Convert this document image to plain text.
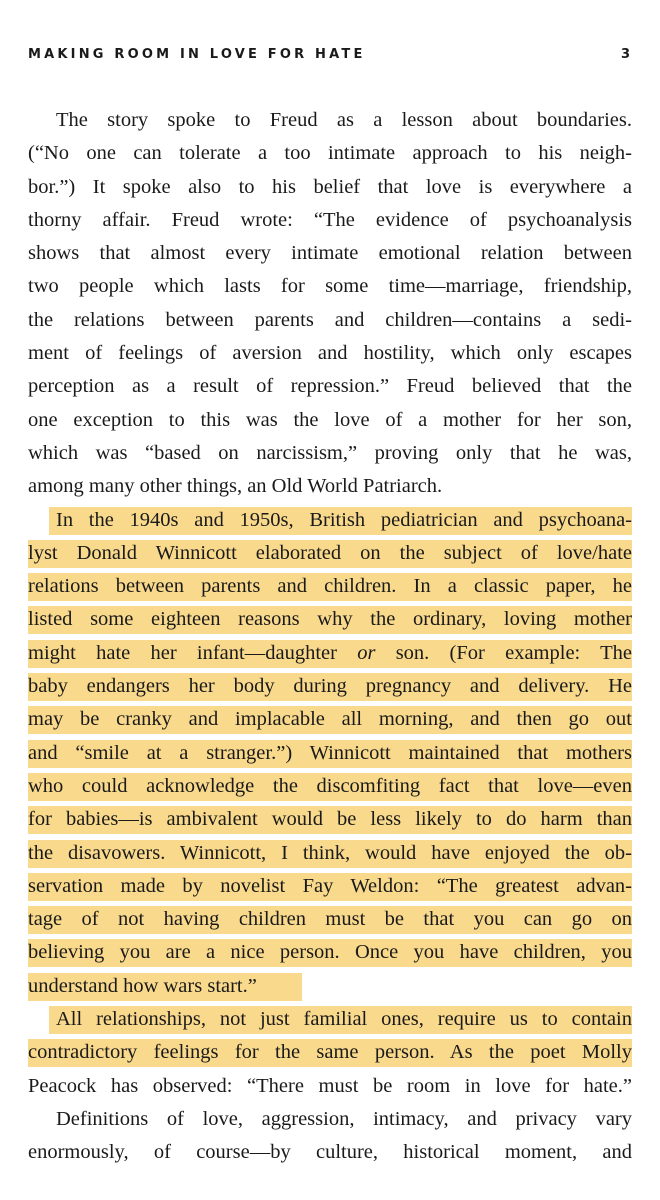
MAKING ROOM IN LOVE FOR HATE	3
The story spoke to Freud as a lesson about boundaries.
(“No one can tolerate a too intimate approach to his neigh-
bor.”) It spoke also to his belief that love is everywhere a
thorny affair. Freud wrote: “The evidence of psychoanalysis
shows that almost every intimate emotional relation between
two people which lasts for some time—marriage, friendship,
the relations between parents and children—contains a sedi-
ment of feelings of aversion and hostility, which only escapes
perception as a result of repression.” Freud believed that the
one exception to this was the love of a mother for her son,
which was “based on narcissism,” proving only that he was,
among many other things, an Old World Patriarch.
In the 1940s and 1950s, British pediatrician and psychoana-
lyst Donald Winnicott elaborated on the subject of love/hate
relations between parents and children. In a classic paper, he
listed some eighteen reasons why the ordinary, loving mother
might hate her infant—daughter or son. (For example: The
baby endangers her body during pregnancy and delivery. He
may be cranky and implacable all morning, and then go out
and “smile at a stranger.”) Winnicott maintained that mothers
who could acknowledge the discomfiting fact that love—even
for babies—is ambivalent would be less likely to do harm than
the disavowers. Winnicott, I think, would have enjoyed the ob-
servation made by novelist Fay Weldon: “The greatest advan-
tage of not having children must be that you can go on
believing you are a nice person. Once you have children, you
understand how wars start.”
All relationships, not just familial ones, require us to contain
contradictory feelings for the same person. As the poet Molly
Peacock has observed: “There must be room in love for hate.”
Definitions of love, aggression, intimacy, and privacy vary
enormously, of course—by culture, historical moment, and
